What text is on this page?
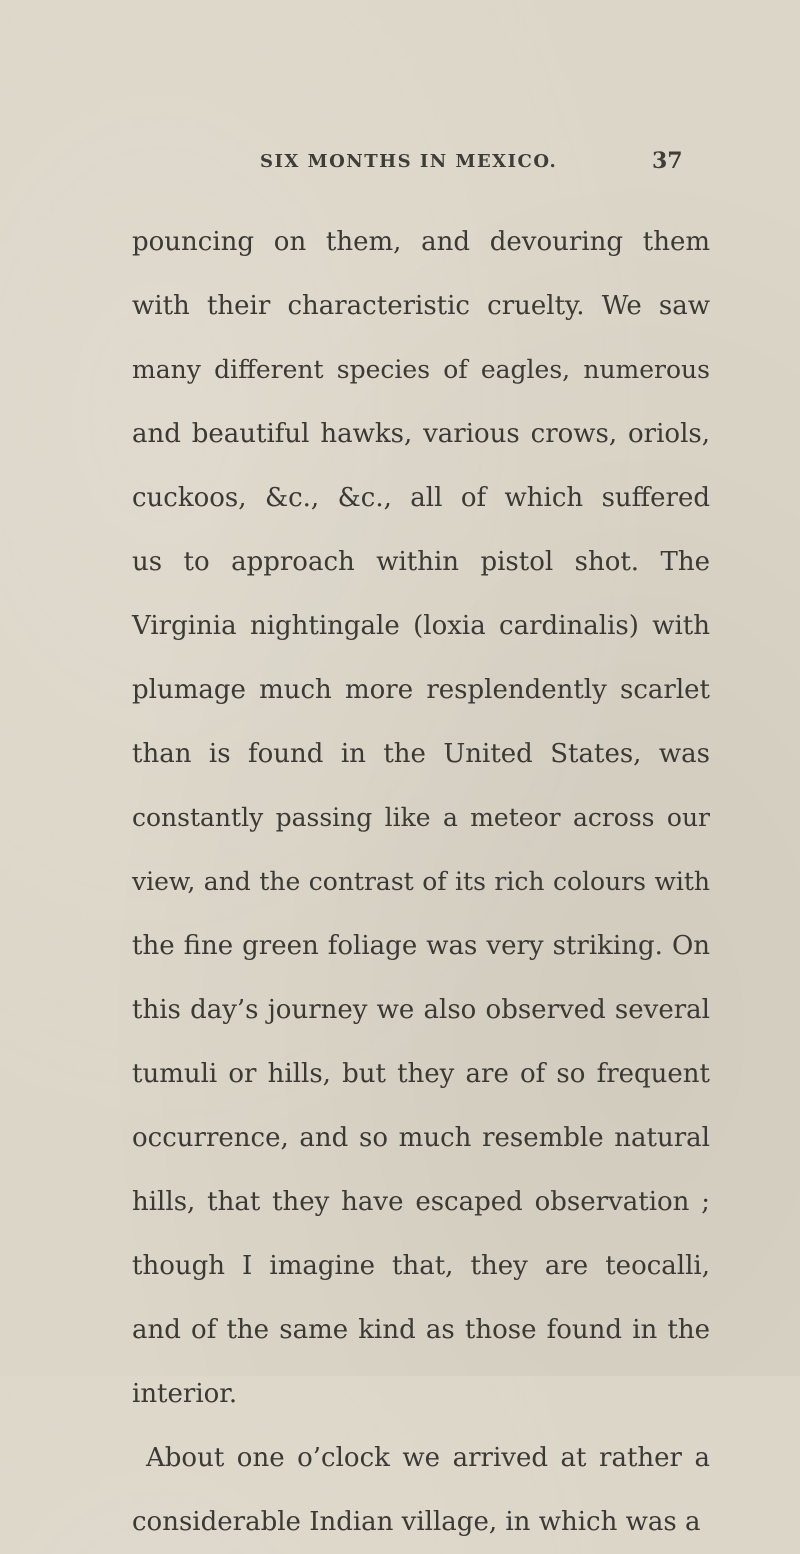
SIX MONTHS IN MEXICO.	37
pouncing on them, and devouring them
with their characteristic cruelty. We saw
many different species of eagles, numerous
and beautiful hawks, various crows, oriols,
cuckoos, &c., &c., all of which suffered
us to approach within pistol shot. The
Virginia nightingale (loxia cardinalis) with
plumage much more resplendently scarlet
than is found in the United States, was
constantly passing like a meteor across our
view, and the contrast of its rich colours with
the fine green foliage was very striking. On
this day’s journey we also observed several
tumuli or hills, but they are of so frequent
occurrence, and so much resemble natural
hills, that they have escaped observation ;
though I imagine that, they are teocalli,
and of the same kind as those found in the
interior.
About one o’clock we arrived at rather a
considerable Indian village, in which was a
